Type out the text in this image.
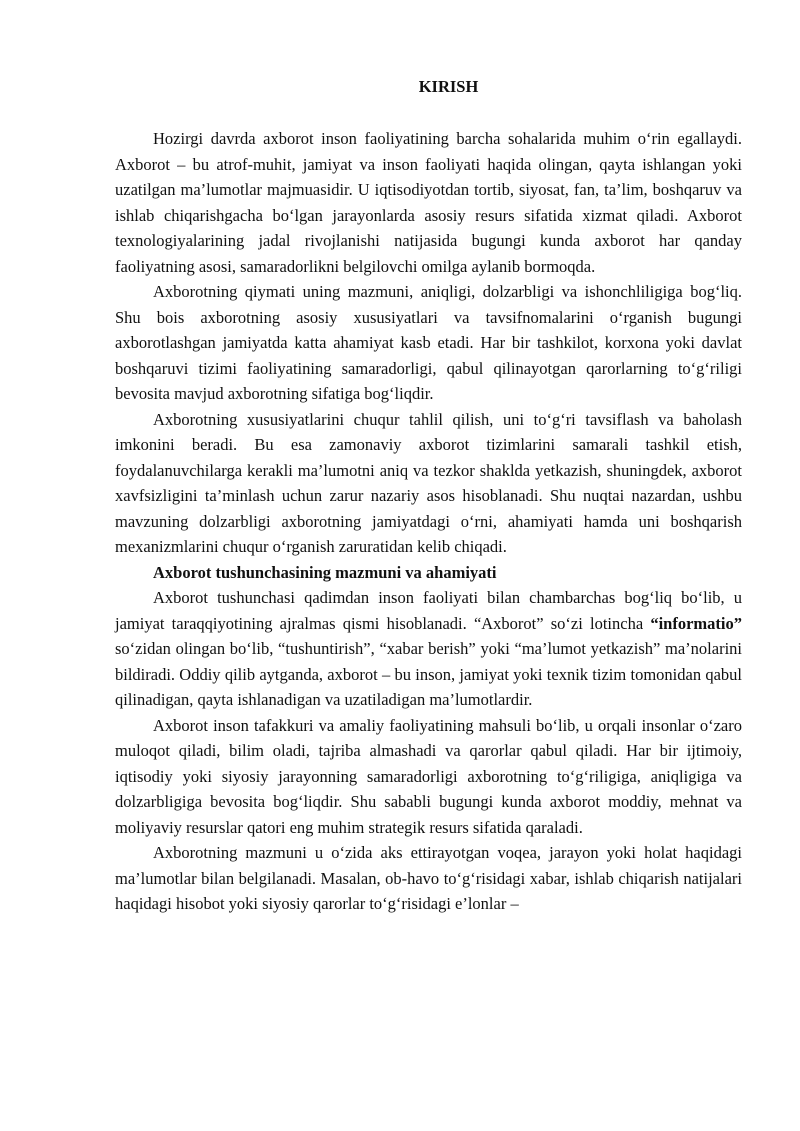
KIRISH

Hozirgi davrda axborot inson faoliyatining barcha sohalarida muhim o‘rin egallaydi. Axborot – bu atrof-muhit, jamiyat va inson faoliyati haqida olingan, qayta ishlangan yoki uzatilgan ma’lumotlar majmuasidir. U iqtisodiyotdan tortib, siyosat, fan, ta’lim, boshqaruv va ishlab chiqarishgacha bo‘lgan jarayonlarda asosiy resurs sifatida xizmat qiladi. Axborot texnologiyalarining jadal rivojlanishi natijasida bugungi kunda axborot har qanday faoliyatning asosi, samaradorlikni belgilovchi omilga aylanib bormoqda.

Axborotning qiymati uning mazmuni, aniqligi, dolzarbligi va ishonchliligiga bog‘liq. Shu bois axborotning asosiy xususiyatlari va tavsifnomalarini o‘rganish bugungi axborotlashgan jamiyatda katta ahamiyat kasb etadi. Har bir tashkilot, korxona yoki davlat boshqaruvi tizimi faoliyatining samaradorligi, qabul qilinayotgan qarorlarning to‘g‘riligi bevosita mavjud axborotning sifatiga bog‘liqdir.

Axborotning xususiyatlarini chuqur tahlil qilish, uni to‘g‘ri tavsiflash va baholash imkonini beradi. Bu esa zamonaviy axborot tizimlarini samarali tashkil etish, foydalanuvchilarga kerakli ma’lumotni aniq va tezkor shaklda yetkazish, shuningdek, axborot xavfsizligini ta’minlash uchun zarur nazariy asos hisoblanadi. Shu nuqtai nazardan, ushbu mavzuning dolzarbligi axborotning jamiyatdagi o‘rni, ahamiyati hamda uni boshqarish mexanizmlarini chuqur o‘rganish zaruratidan kelib chiqadi.

Axborot tushunchasining mazmuni va ahamiyati

Axborot tushunchasi qadimdan inson faoliyati bilan chambarchas bog‘liq bo‘lib, u jamiyat taraqqiyotining ajralmas qismi hisoblanadi. “Axborot” so‘zi lotincha “informatio” so‘zidan olingan bo‘lib, “tushuntirish”, “xabar berish” yoki “ma’lumot yetkazish” ma’nolarini bildiradi. Oddiy qilib aytganda, axborot – bu inson, jamiyat yoki texnik tizim tomonidan qabul qilinadigan, qayta ishlanadigan va uzatiladigan ma’lumotlardir.

Axborot inson tafakkuri va amaliy faoliyatining mahsuli bo‘lib, u orqali insonlar o‘zaro muloqot qiladi, bilim oladi, tajriba almashadi va qarorlar qabul qiladi. Har bir ijtimoiy, iqtisodiy yoki siyosiy jarayonning samaradorligi axborotning to‘g‘riligiga, aniqligiga va dolzarbligiga bevosita bog‘liqdir. Shu sababli bugungi kunda axborot moddiy, mehnat va moliyaviy resurslar qatori eng muhim strategik resurs sifatida qaraladi.

Axborotning mazmuni u o‘zida aks ettirayotgan voqea, jarayon yoki holat haqidagi ma’lumotlar bilan belgilanadi. Masalan, ob-havo to‘g‘risidagi xabar, ishlab chiqarish natijalari haqidagi hisobot yoki siyosiy qarorlar to‘g‘risidagi e’lonlar –
